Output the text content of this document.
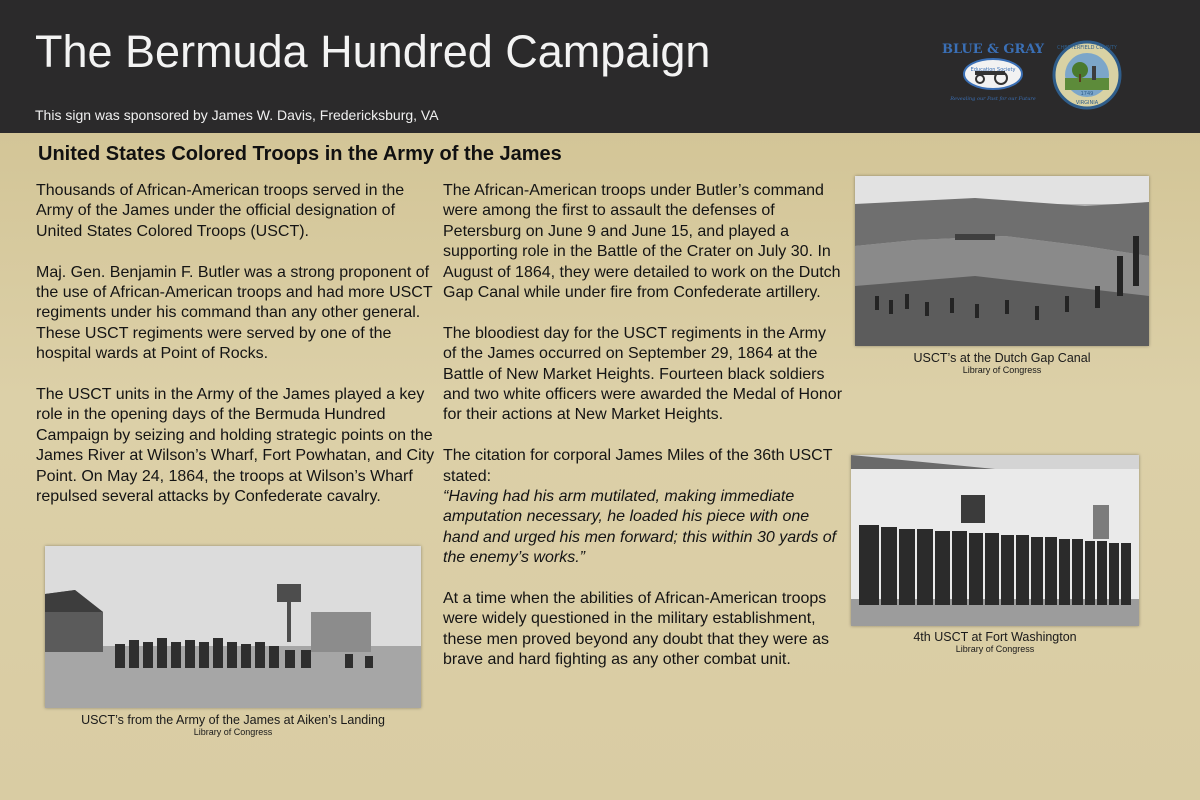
The Bermuda Hundred Campaign
This sign was sponsored by James W. Davis, Fredericksburg, VA
BLUE & GRAY
Education Society
Revealing our Past for our Future
CHESTERFIELD COUNTY
1749
VIRGINIA
United States Colored Troops in the Army of the James

Thousands of African-American troops served in the Army of the James under the official designation of United States Colored Troops (USCT).

Maj. Gen. Benjamin F. Butler was a strong proponent of the use of African-American troops and had more USCT regiments under his command than any other general. These USCT regiments were served by one of the hospital wards at Point of Rocks.

The USCT units in the Army of the James played a key role in the opening days of the Bermuda Hundred Campaign by seizing and holding strategic points on the James River at Wilson’s Wharf, Fort Powhatan, and City Point. On May 24, 1864, the troops at Wilson’s Wharf repulsed several attacks by Confederate cavalry.

The African-American troops under Butler’s command were among the first to assault the defenses of Petersburg on June 9 and June 15, and played a supporting role in the Battle of the Crater on July 30. In August of 1864, they were detailed to work on the Dutch Gap Canal while under fire from Confederate artillery.

The bloodiest day for the USCT regiments in the Army of the James occurred on September 29, 1864 at the Battle of New Market Heights. Fourteen black soldiers and two white officers were awarded the Medal of Honor for their actions at New Market Heights.

The citation for corporal James Miles of the 36th USCT stated:
“Having had his arm mutilated, making immediate amputation necessary, he loaded his piece with one hand and urged his men forward; this within 30 yards of the enemy’s works.”

At a time when the abilities of African-American troops were widely questioned in the military establishment, these men proved beyond any doubt that they were as brave and hard fighting as any other combat unit.

USCT’s at the Dutch Gap Canal
Library of Congress
4th USCT at Fort Washington
Library of Congress
USCT’s from the Army of the James at Aiken’s Landing
Library of Congress
